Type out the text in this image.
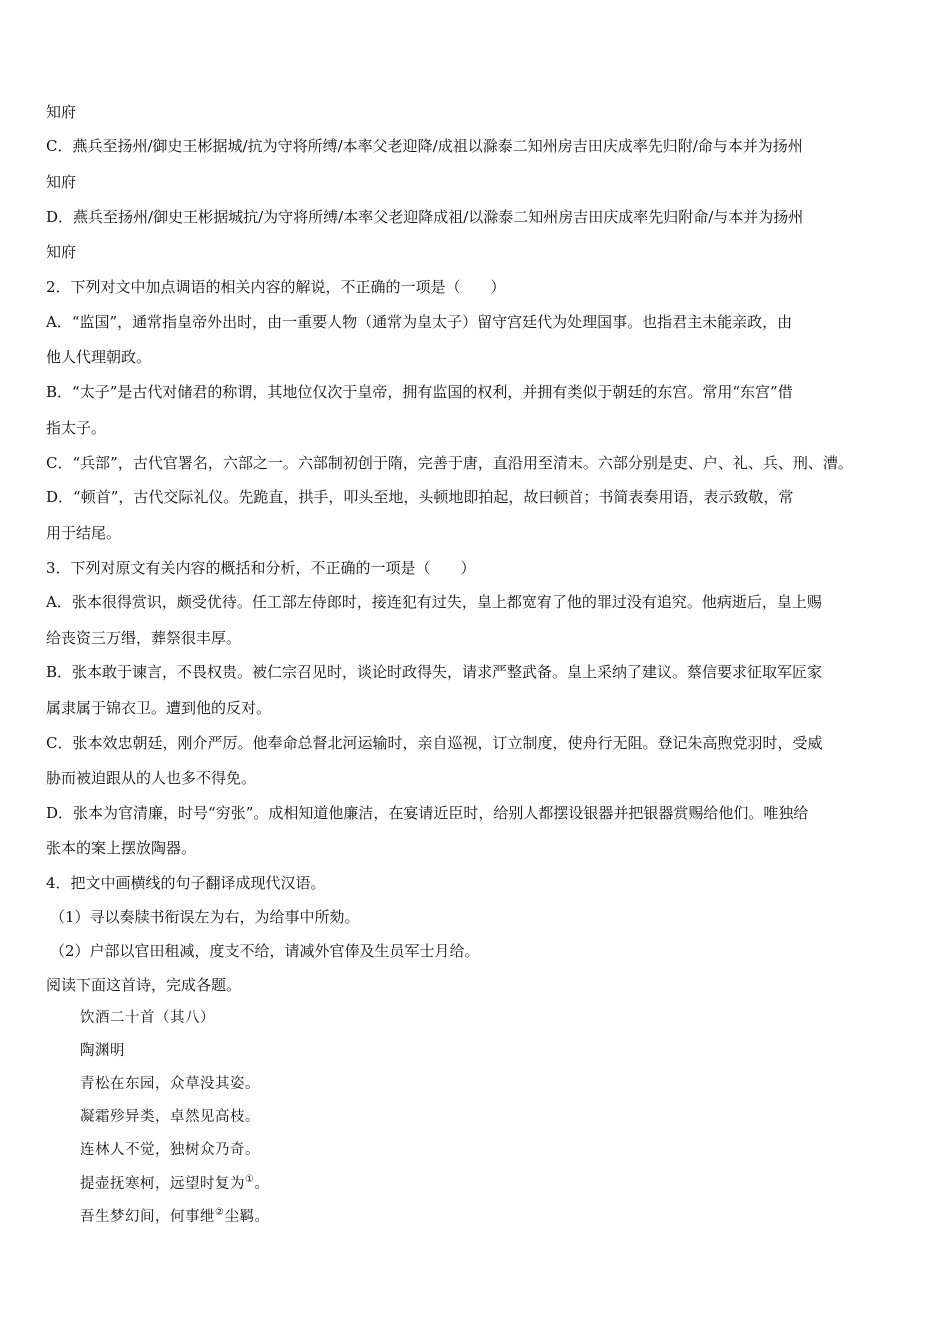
知府
C．燕兵至扬州/御史王彬据城/抗为守将所缚/本率父老迎降/成祖以滁泰二知州房吉田庆成率先归附/命与本并为扬州
知府
D．燕兵至扬州/御史王彬据城抗/为守将所缚/本率父老迎降成祖/以滁泰二知州房吉田庆成率先归附命/与本并为扬州
知府
2．下列对文中加点调语的相关内容的解说，不正确的一项是（　　）
A．“监国”，通常指皇帝外出时，由一重要人物（通常为皇太子）留守宫廷代为处理国事。也指君主未能亲政，由
他人代理朝政。
B．“太子”是古代对储君的称谓，其地位仅次于皇帝，拥有监国的权利，并拥有类似于朝廷的东宫。常用“东宫”借
指太子。
C．“兵部”，古代官署名，六部之一。六部制初创于隋，完善于唐，直沿用至清末。六部分别是吏、户、礼、兵、刑、漕。
D．“顿首”，古代交际礼仪。先跪直，拱手，叩头至地，头顿地即拍起，故曰顿首；书简表奏用语，表示致敬，常
用于结尾。
3．下列对原文有关内容的概括和分析，不正确的一项是（　　）
A．张本很得赏识，颇受优待。任工部左侍郎时，接连犯有过失，皇上都宽宥了他的罪过没有追究。他病逝后，皇上赐
给丧资三万缗，葬祭很丰厚。
B．张本敢于谏言，不畏权贵。被仁宗召见时，谈论时政得失，请求严整武备。皇上采纳了建议。蔡信要求征取军匠家
属隶属于锦衣卫。遭到他的反对。
C．张本效忠朝廷，刚介严厉。他奉命总督北河运输时，亲自巡视，订立制度，使舟行无阻。登记朱高煦党羽时，受威
胁而被迫跟从的人也多不得免。
D．张本为官清廉，时号“穷张”。成相知道他廉洁，在宴请近臣时，给别人都摆设银器并把银器赏赐给他们。唯独给
张本的案上摆放陶器。
4．把文中画横线的句子翻译成现代汉语。
（1）寻以奏牍书衔误左为右，为给事中所劾。
（2）户部以官田租减，度支不给，请减外官俸及生员军士月给。
阅读下面这首诗，完成各题。
饮酒二十首（其八）
陶渊明
青松在东园，众草没其姿。
凝霜殄异类，卓然见高枝。
连林人不觉，独树众乃奇。
提壶抚寒柯，远望时复为①。
吾生梦幻间，何事绁②尘羁。
